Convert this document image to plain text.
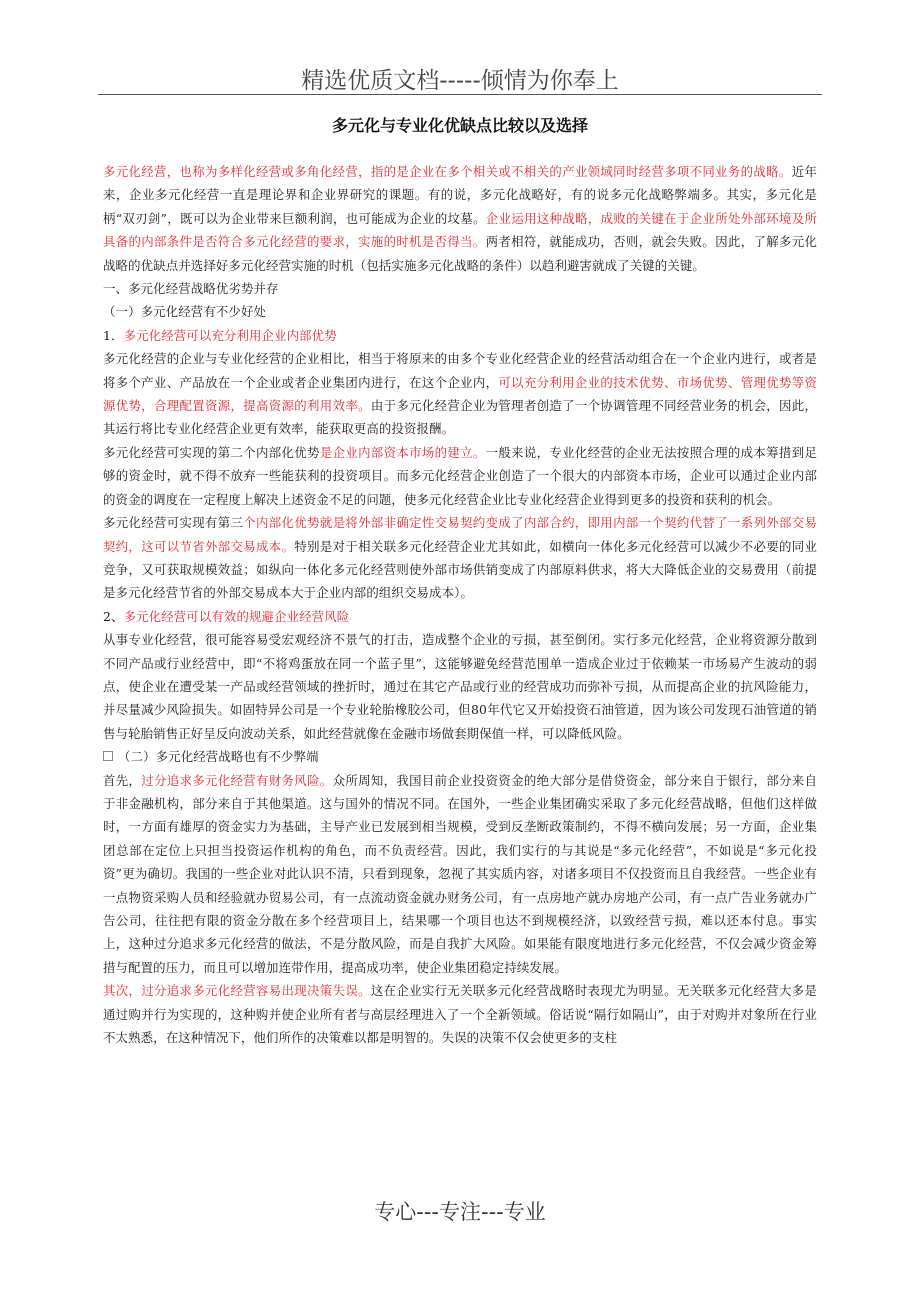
精选优质文档-----倾情为你奉上
多元化与专业化优缺点比较以及选择

多元化经营，也称为多样化经营或多角化经营，指的是企业在多个相关或不相关的产业领域同时经营多项不同业务的战略。近年来，企业多元化经营一直是理论界和企业界研究的课题。有的说，多元化战略好，有的说多元化战略弊端多。其实，多元化是柄“双刃剑”，既可以为企业带来巨额利润，也可能成为企业的坟墓。企业运用这种战略，成败的关键在于企业所处外部环境及所具备的内部条件是否符合多元化经营的要求，实施的时机是否得当。两者相符，就能成功，否则，就会失败。因此，了解多元化战略的优缺点并选择好多元化经营实施的时机（包括实施多元化战略的条件）以趋利避害就成了关键的关键。

一、多元化经营战略优劣势并存

（一）多元化经营有不少好处

1．多元化经营可以充分利用企业内部优势

多元化经营的企业与专业化经营的企业相比，相当于将原来的由多个专业化经营企业的经营活动组合在一个企业内进行，或者是将多个产业、产品放在一个企业或者企业集团内进行，在这个企业内，可以充分利用企业的技术优势、市场优势、管理优势等资源优势，合理配置资源，提高资源的利用效率。由于多元化经营企业为管理者创造了一个协调管理不同经营业务的机会，因此，其运行将比专业化经营企业更有效率，能获取更高的投资报酬。

多元化经营可实现的第二个内部化优势是企业内部资本市场的建立。一般来说，专业化经营的企业无法按照合理的成本筹措到足够的资金时，就不得不放弃一些能获利的投资项目。而多元化经营企业创造了一个很大的内部资本市场，企业可以通过企业内部的资金的调度在一定程度上解决上述资金不足的问题，使多元化经营企业比专业化经营企业得到更多的投资和获利的机会。

多元化经营可实现有第三个内部化优势就是将外部非确定性交易契约变成了内部合约，即用内部一个契约代替了一系列外部交易契约，这可以节省外部交易成本。特别是对于相关联多元化经营企业尤其如此，如横向一体化多元化经营可以减少不必要的同业竞争，又可获取规模效益；如纵向一体化多元化经营则使外部市场供销变成了内部原料供求，将大大降低企业的交易费用（前提是多元化经营节省的外部交易成本大于企业内部的组织交易成本）。

2、多元化经营可以有效的规避企业经营风险

从事专业化经营，很可能容易受宏观经济不景气的打击，造成整个企业的亏损，甚至倒闭。实行多元化经营，企业将资源分散到不同产品或行业经营中，即“不将鸡蛋放在同一个蓝子里”，这能够避免经营范围单一造成企业过于依赖某一市场易产生波动的弱点，使企业在遭受某一产品或经营领域的挫折时，通过在其它产品或行业的经营成功而弥补亏损，从而提高企业的抗风险能力，并尽量减少风险损失。如固特异公司是一个专业轮胎橡胶公司，但80年代它又开始投资石油管道，因为该公司发现石油管道的销售与轮胎销售正好呈反向波动关系，如此经营就像在金融市场做套期保值一样，可以降低风险。

（二）多元化经营战略也有不少弊端

首先，过分追求多元化经营有财务风险。众所周知，我国目前企业投资资金的绝大部分是借贷资金，部分来自于银行，部分来自于非金融机构，部分来自于其他渠道。这与国外的情况不同。在国外，一些企业集团确实采取了多元化经营战略，但他们这样做时，一方面有雄厚的资金实力为基础，主导产业已发展到相当规模，受到反垄断政策制约，不得不横向发展；另一方面，企业集团总部在定位上只担当投资运作机构的角色，而不负责经营。因此，我们实行的与其说是“多元化经营”，不如说是“多元化投资”更为确切。我国的一些企业对此认识不清，只看到现象，忽视了其实质内容，对诸多项目不仅投资而且自我经营。一些企业有一点物资采购人员和经验就办贸易公司，有一点流动资金就办财务公司，有一点房地产就办房地产公司，有一点广告业务就办广告公司，往往把有限的资金分散在多个经营项目上，结果哪一个项目也达不到规模经济，以致经营亏损，难以还本付息。事实上，这种过分追求多元化经营的做法，不是分散风险，而是自我扩大风险。如果能有限度地进行多元化经营，不仅会减少资金筹措与配置的压力，而且可以增加连带作用，提高成功率，使企业集团稳定持续发展。

其次，过分追求多元化经营容易出现决策失误。这在企业实行无关联多元化经营战略时表现尤为明显。无关联多元化经营大多是通过购并行为实现的，这种购并使企业所有者与高层经理进入了一个全新领域。俗话说“隔行如隔山”，由于对购并对象所在行业不太熟悉，在这种情况下，他们所作的决策难以都是明智的。失误的决策不仅会使更多的支柱

专心---专注---专业
